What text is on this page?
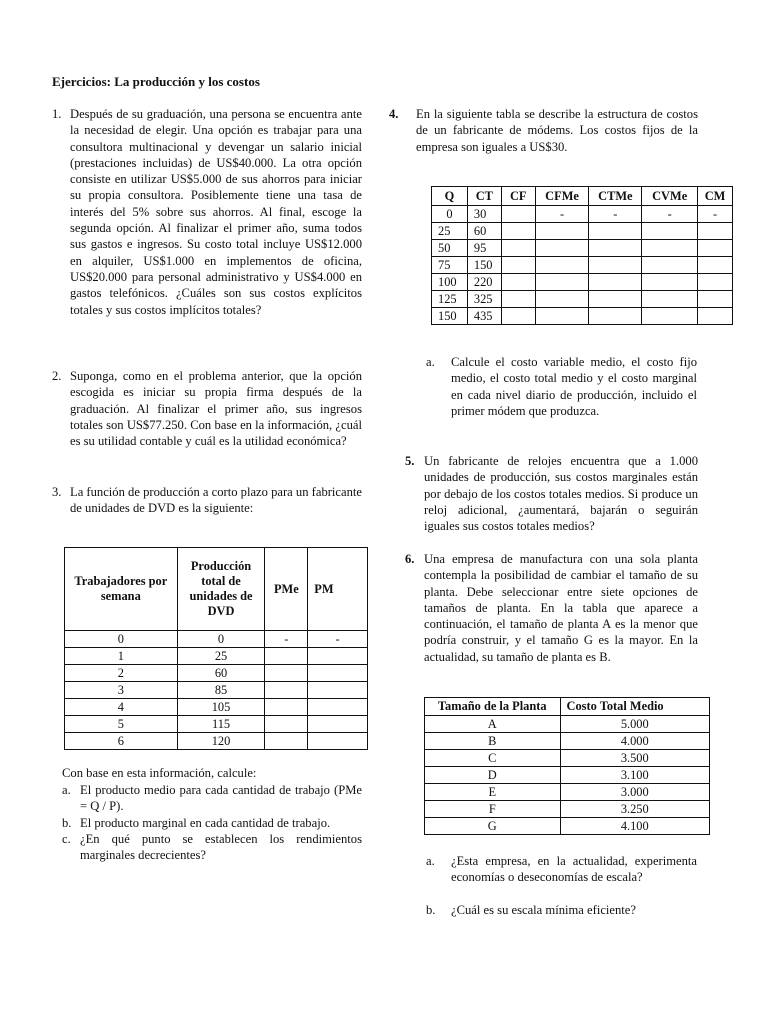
Ejercicios: La producción y los costos
1. Después de su graduación, una persona se encuentra ante la necesidad de elegir. Una opción es trabajar para una consultora multinacional y devengar un salario inicial (prestaciones incluidas) de US$40.000. La otra opción consiste en utilizar US$5.000 de sus ahorros para iniciar su propia consultora. Posiblemente tiene una tasa de interés del 5% sobre sus ahorros. Al final, escoge la segunda opción. Al finalizar el primer año, suma todos sus gastos e ingresos. Su costo total incluye US$12.000 en alquiler, US$1.000 en implementos de oficina, US$20.000 para personal administrativo y US$4.000 en gastos telefónicos. ¿Cuáles son sus costos explícitos totales y sus costos implícitos totales?
2. Suponga, como en el problema anterior, que la opción escogida es iniciar su propia firma después de la graduación. Al finalizar el primer año, sus ingresos totales son US$77.250. Con base en la información, ¿cuál es su utilidad contable y cuál es la utilidad económica?
3. La función de producción a corto plazo para un fabricante de unidades de DVD es la siguiente:
Trabajadores por semana	Producción total de unidades de DVD	PMe	PM
0	0	-	-
1	25		
2	60		
3	85		
4	105		
5	115		
6	120		
Con base en esta información, calcule:
a. El producto medio para cada cantidad de trabajo (PMe = Q / P).
b. El producto marginal en cada cantidad de trabajo.
c. ¿En qué punto se establecen los rendimientos marginales decrecientes?
4. En la siguiente tabla se describe la estructura de costos de un fabricante de módems. Los costos fijos de la empresa son iguales a US$30.
Q	CT	CF	CFMe	CTMe	CVMe	CM
0	30		-	-	-	-
25	60					
50	95					
75	150					
100	220					
125	325					
150	435					
a. Calcule el costo variable medio, el costo fijo medio, el costo total medio y el costo marginal en cada nivel diario de producción, incluido el primer módem que produzca.
5. Un fabricante de relojes encuentra que a 1.000 unidades de producción, sus costos marginales están por debajo de los costos totales medios. Si produce un reloj adicional, ¿aumentará, bajarán o seguirán iguales sus costos totales medios?
6. Una empresa de manufactura con una sola planta contempla la posibilidad de cambiar el tamaño de su planta. Debe seleccionar entre siete opciones de tamaños de planta. En la tabla que aparece a continuación, el tamaño de planta A es la menor que podría construir, y el tamaño G es la mayor. En la actualidad, su tamaño de planta es B.
Tamaño de la Planta	Costo Total Medio
A	5.000
B	4.000
C	3.500
D	3.100
E	3.000
F	3.250
G	4.100
a. ¿Esta empresa, en la actualidad, experimenta economías o deseconomías de escala?
b. ¿Cuál es su escala mínima eficiente?
